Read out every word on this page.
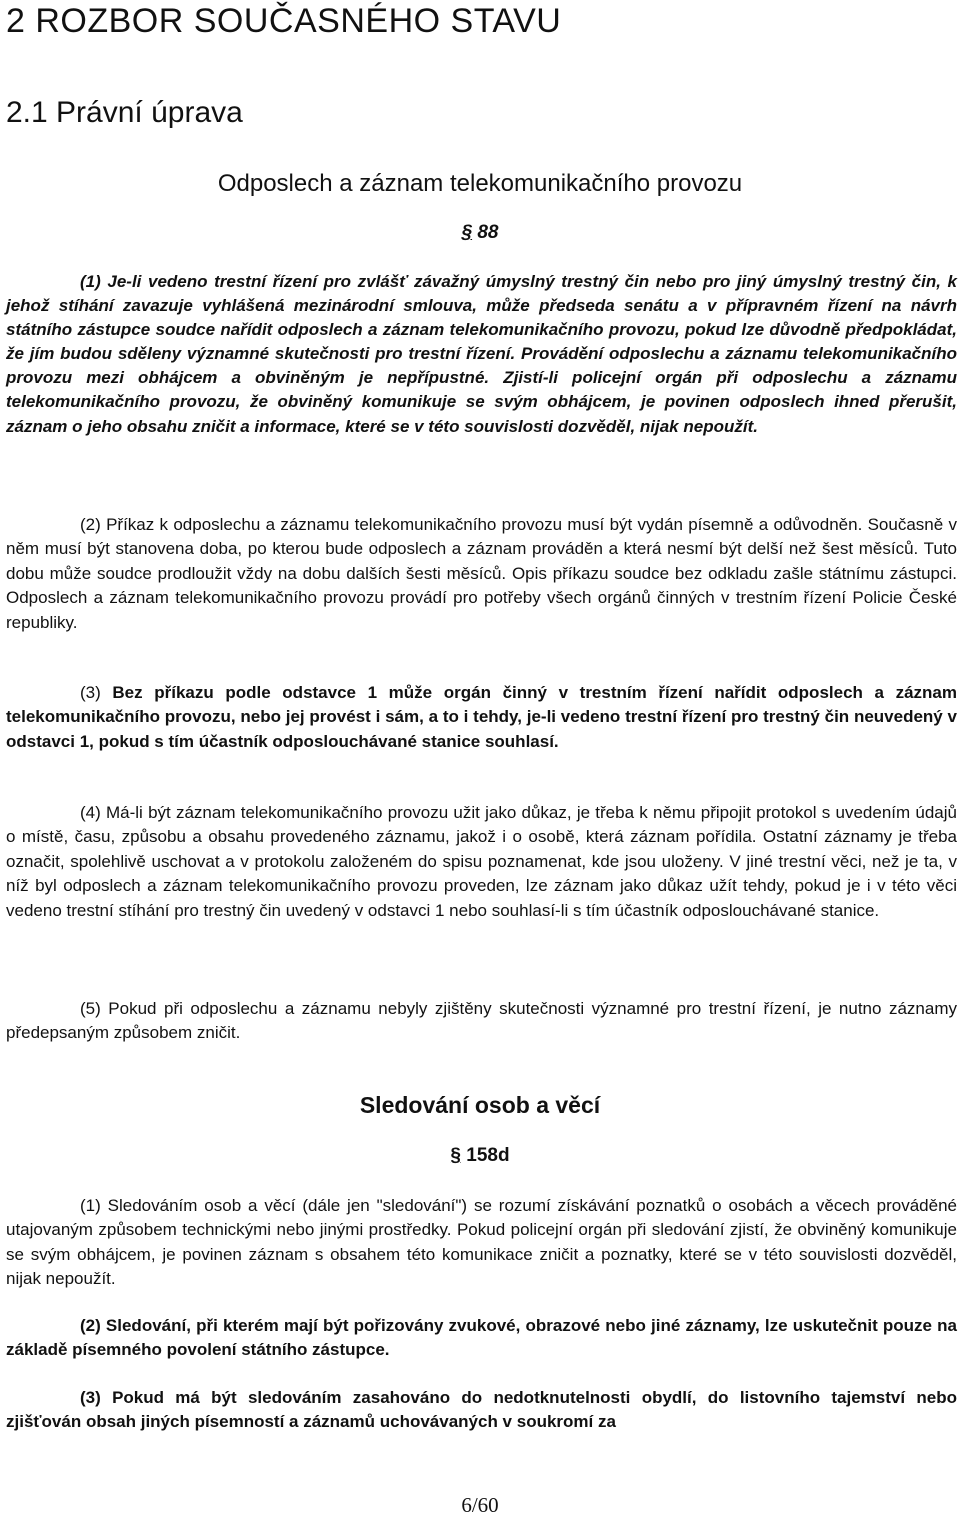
2 ROZBOR SOUČASNÉHO STAVU
2.1 Právní úprava
Odposlech a záznam telekomunikačního provozu
§ 88

(1) Je-li vedeno trestní řízení pro zvlášť závažný úmyslný trestný čin nebo pro jiný úmyslný trestný čin, k jehož stíhání zavazuje vyhlášená mezinárodní smlouva, může předseda senátu a v přípravném řízení na návrh státního zástupce soudce nařídit odposlech a záznam telekomunikačního provozu, pokud lze důvodně předpokládat, že jím budou sděleny významné skutečnosti pro trestní řízení. Provádění odposlechu a záznamu telekomunikačního provozu mezi obhájcem a obviněným je nepřípustné. Zjistí-li policejní orgán při odposlechu a záznamu telekomunikačního provozu, že obviněný komunikuje se svým obhájcem, je povinen odposlech ihned přerušit, záznam o jeho obsahu zničit a informace, které se v této souvislosti dozvěděl, nijak nepoužít.

(2) Příkaz k odposlechu a záznamu telekomunikačního provozu musí být vydán písemně a odůvodněn. Současně v něm musí být stanovena doba, po kterou bude odposlech a záznam prováděn a která nesmí být delší než šest měsíců. Tuto dobu může soudce prodloužit vždy na dobu dalších šesti měsíců. Opis příkazu soudce bez odkladu zašle státnímu zástupci. Odposlech a záznam telekomunikačního provozu provádí pro potřeby všech orgánů činných v trestním řízení Policie České republiky.

(3) Bez příkazu podle odstavce 1 může orgán činný v trestním řízení nařídit odposlech a záznam telekomunikačního provozu, nebo jej provést i sám, a to i tehdy, je-li vedeno trestní řízení pro trestný čin neuvedený v odstavci 1, pokud s tím účastník odposlouchávané stanice souhlasí.

(4) Má-li být záznam telekomunikačního provozu užit jako důkaz, je třeba k němu připojit protokol s uvedením údajů o místě, času, způsobu a obsahu provedeného záznamu, jakož i o osobě, která záznam pořídila. Ostatní záznamy je třeba označit, spolehlivě uschovat a v protokolu založeném do spisu poznamenat, kde jsou uloženy. V jiné trestní věci, než je ta, v níž byl odposlech a záznam telekomunikačního provozu proveden, lze záznam jako důkaz užít tehdy, pokud je i v této věci vedeno trestní stíhání pro trestný čin uvedený v odstavci 1 nebo souhlasí-li s tím účastník odposlouchávané stanice.

(5) Pokud při odposlechu a záznamu nebyly zjištěny skutečnosti významné pro trestní řízení, je nutno záznamy předepsaným způsobem zničit.

Sledování osob a věcí
§ 158d

(1) Sledováním osob a věcí (dále jen "sledování") se rozumí získávání poznatků o osobách a věcech prováděné utajovaným způsobem technickými nebo jinými prostředky. Pokud policejní orgán při sledování zjistí, že obviněný komunikuje se svým obhájcem, je povinen záznam s obsahem této komunikace zničit a poznatky, které se v této souvislosti dozvěděl, nijak nepoužít.

(2) Sledování, při kterém mají být pořizovány zvukové, obrazové nebo jiné záznamy, lze uskutečnit pouze na základě písemného povolení státního zástupce.

(3) Pokud má být sledováním zasahováno do nedotknutelnosti obydlí, do listovního tajemství nebo zjišťován obsah jiných písemností a záznamů uchovávaných v soukromí za

6/60
